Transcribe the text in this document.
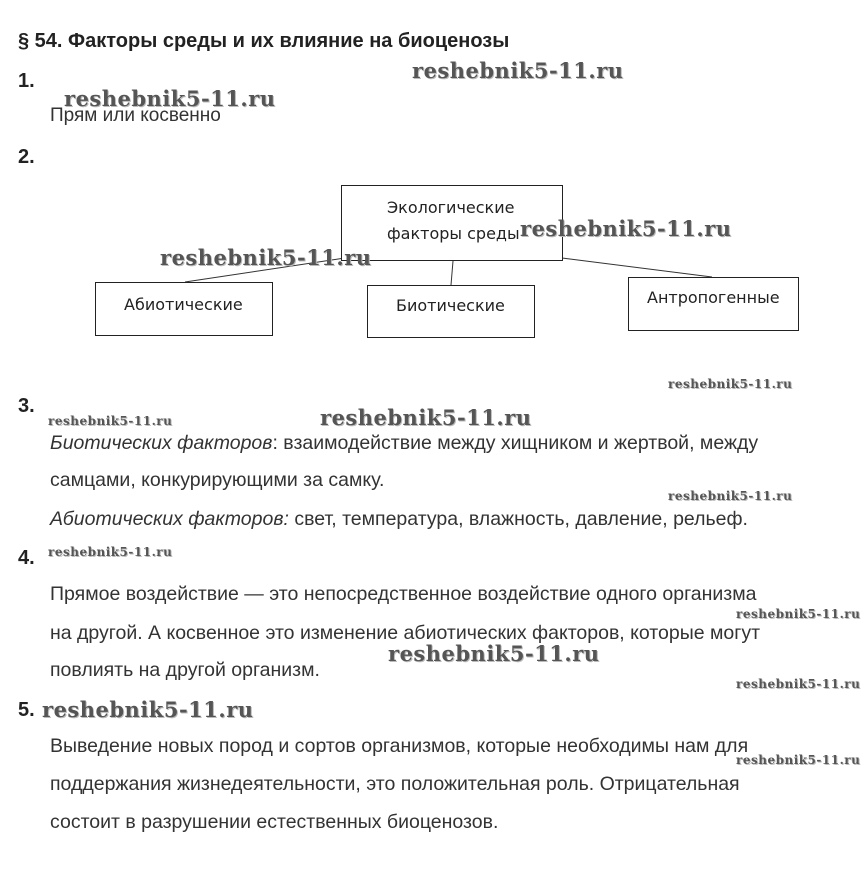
§ 54. Факторы среды и их влияние на биоценозы
1.
Прям или косвенно
2.
Экологические
факторы среды
Абиотические	Биотические	Антропогенные
3.
Биотических факторов: взаимодействие между хищником и жертвой, между
самцами, конкурирующими за самку.
Абиотических факторов: свет, температура, влажность, давление, рельеф.
4.
Прямое воздействие — это непосредственное воздействие одного организма
на другой. А косвенное это изменение абиотических факторов, которые могут
повлиять на другой организм.
5.
Выведение новых пород и сортов организмов, которые необходимы нам для
поддержания жизнедеятельности, это положительная роль. Отрицательная
состоит в разрушении естественных биоценозов.
reshebnik5-11.ru
reshebnik5-11.ru
reshebnik5-11.ru
reshebnik5-11.ru
reshebnik5-11.ru
reshebnik5-11.ru
reshebnik5-11.ru
reshebnik5-11.ru
reshebnik5-11.ru
reshebnik5-11.ru
reshebnik5-11.ru
reshebnik5-11.ru
reshebnik5-11.ru
reshebnik5-11.ru
